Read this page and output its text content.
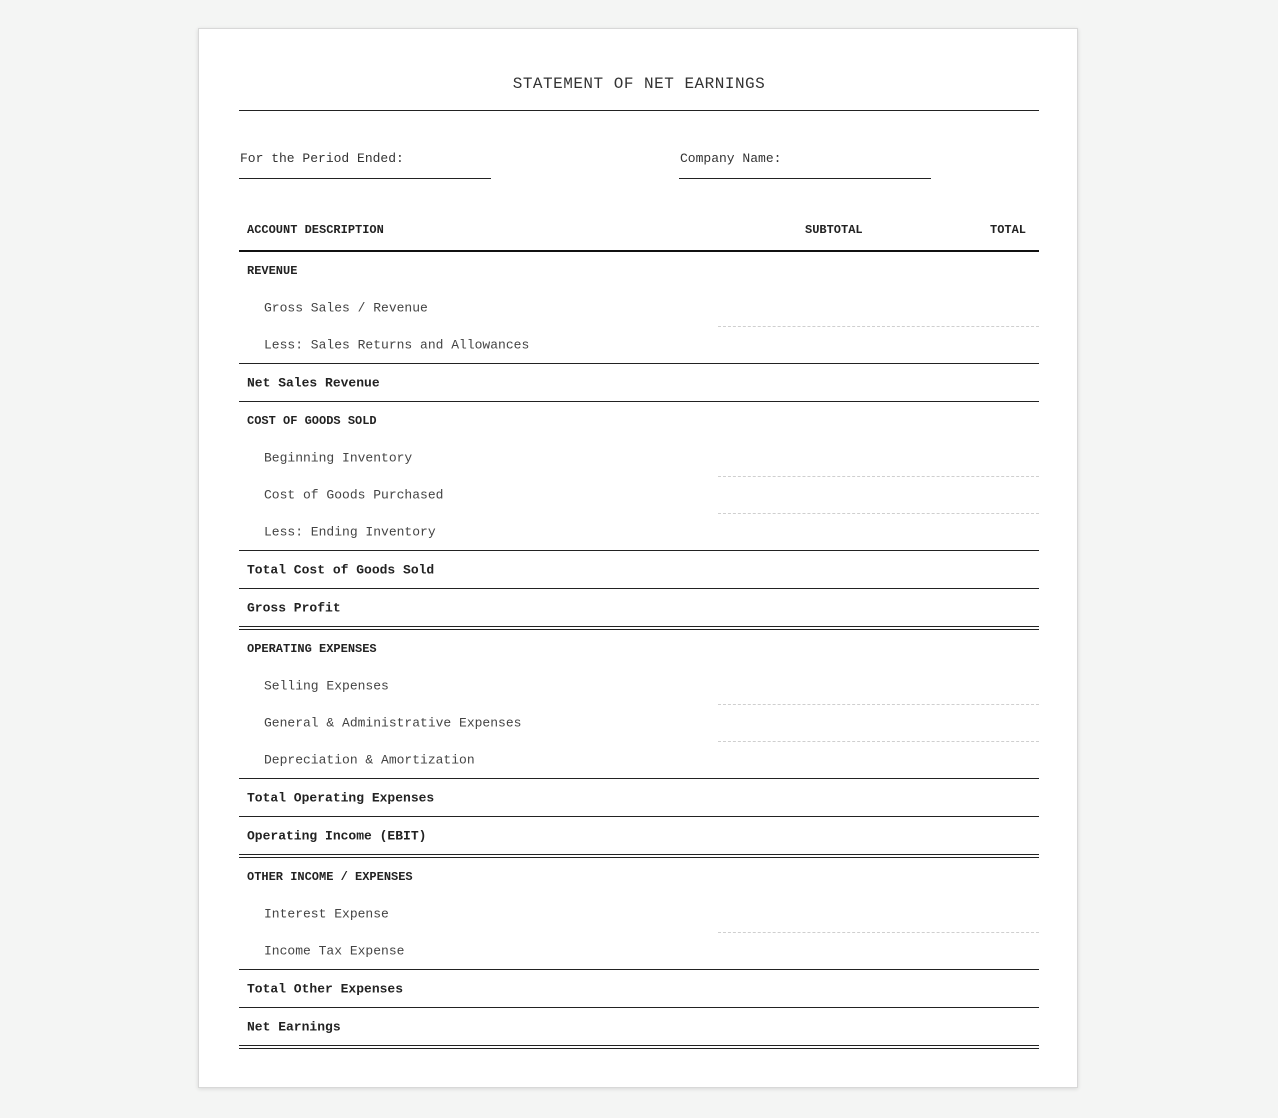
STATEMENT OF NET EARNINGS
For the Period Ended:	Company Name:
ACCOUNT DESCRIPTION	SUBTOTAL	TOTAL
REVENUE
Gross Sales / Revenue
Less: Sales Returns and Allowances
Net Sales Revenue
COST OF GOODS SOLD
Beginning Inventory
Cost of Goods Purchased
Less: Ending Inventory
Total Cost of Goods Sold
Gross Profit
OPERATING EXPENSES
Selling Expenses
General & Administrative Expenses
Depreciation & Amortization
Total Operating Expenses
Operating Income (EBIT)
OTHER INCOME / EXPENSES
Interest Expense
Income Tax Expense
Total Other Expenses
Net Earnings
